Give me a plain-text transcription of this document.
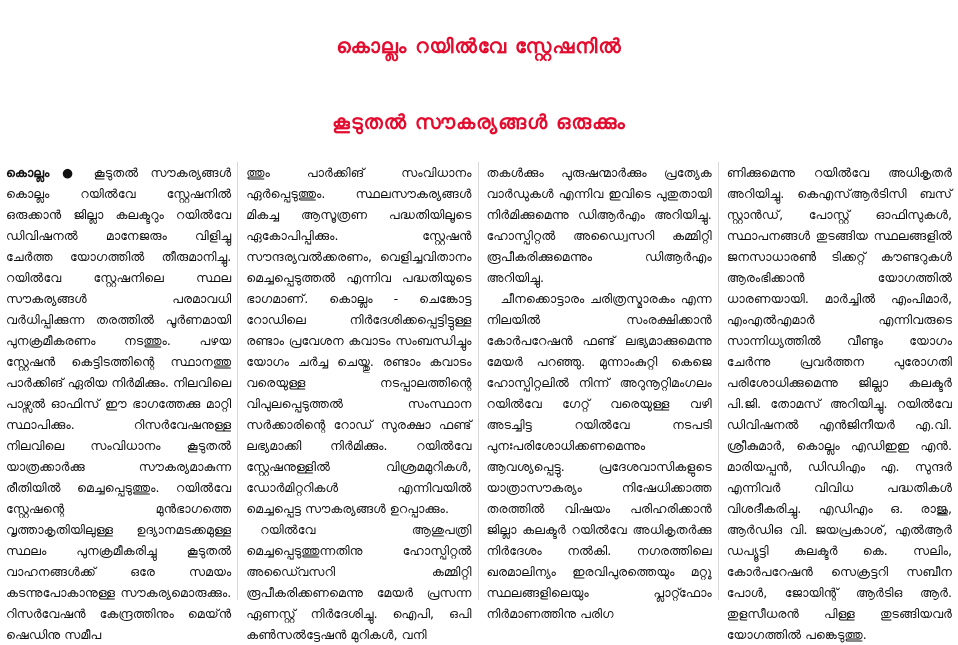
കൊല്ലം റയിൽവേ സ്റ്റേഷനിൽ
കൂടുതൽ സൗകര്യങ്ങൾ ഒരുക്കും

കൊല്ലം ● കൂടുതൽ സൗകര്യങ്ങൾ കൊല്ലം റയിൽവേ സ്റ്റേഷനിൽ ഒരുക്കാൻ ജില്ലാ കലക്ടറും റയിൽവേ ഡിവിഷനൽ മാനേജരും വിളിച്ചു ചേർത്ത യോഗത്തിൽ തീരുമാനിച്ചു. റയിൽവേ സ്റ്റേഷനിലെ സ്ഥല സൗകര്യങ്ങൾ പരമാവധി വർധിപ്പിക്കുന്ന തരത്തിൽ പൂർണമായി പുനക്രമീകരണം നടത്തും. പഴയ സ്റ്റേഷൻ കെട്ടിടത്തിന്റെ സ്ഥാനത്തു പാർക്കിങ് ഏരിയ നിർമിക്കും. നിലവിലെ പാഴ്സൽ ഓഫിസ് ഈ ഭാഗത്തേക്കു മാറ്റി സ്ഥാപിക്കും. റിസർവേഷനുള്ള നിലവിലെ സംവിധാനം കൂടുതൽ യാത്രക്കാർക്കു സൗകര്യമാകുന്ന രീതിയിൽ മെച്ചപ്പെടുത്തും. റയിൽവേ സ്റ്റേഷന്റെ മുൻഭാഗത്തെ വൃത്താകൃതിയിലുള്ള ഉദ്യാനമടക്കമുള്ള സ്ഥലം പുനക്രമീകരിച്ചു കൂടുതൽ വാഹനങ്ങൾക്ക് ഒരേ സമയം കടന്നുപോകാനുള്ള സൗകര്യമൊരുക്കും. റിസർവേഷൻ കേന്ദ്രത്തിനും മെയ്ൻ ഷെഡിനു സമീപ

ത്തും പാർക്കിങ് സംവിധാനം ഏർപ്പെടുത്തും. സ്ഥലസൗകര്യങ്ങൾ മികച്ച ആസൂത്രണ പദ്ധതിയിലൂടെ ഏകോപിപ്പിക്കും. സ്റ്റേഷൻ സൗന്ദര്യവൽക്കരണം, വെളിച്ചവിതാനം മെച്ചപ്പെടുത്തൽ എന്നിവ പദ്ധതിയുടെ ഭാഗമാണ്. കൊല്ലം - ചെങ്കോട്ട റോഡിലെ നിർദേശിക്കപ്പെട്ടിട്ടുള്ള രണ്ടാം പ്രവേശന കവാടം സംബന്ധിച്ചും യോഗം ചർച്ച ചെയ്തു. രണ്ടാം കവാടം വരെയുള്ള നടപ്പാലത്തിന്റെ വിപുലപ്പെടുത്തൽ സംസ്ഥാന സർക്കാരിന്റെ റോഡ് സുരക്ഷാ ഫണ്ട് ലഭ്യമാക്കി നിർമിക്കും. റയിൽവേ സ്റ്റേഷനുള്ളിൽ വിശ്രമമുറികൾ, ഡോർമിറ്ററികൾ എന്നിവയിൽ മെച്ചപ്പെട്ട സൗകര്യങ്ങൾ ഉറപ്പാക്കും.

റയിൽവേ ആശുപത്രി മെച്ചപ്പെടുത്തുന്നതിനു ഹോസ്പിറ്റൽ അഡൈ്വസറി കമ്മിറ്റി രൂപീകരിക്കണമെന്നു മേയർ പ്രസന്ന ഏണസ്റ്റ് നിർദേശിച്ചു. ഐപി, ഒപി കൺസൽട്ടേഷൻ മുറികൾ, വനി

തകൾക്കും പുരുഷന്മാർക്കും പ്രത്യേക വാർഡുകൾ എന്നിവ ഇവിടെ പുതുതായി നിർമിക്കുമെന്നു ഡിആർഎം അറിയിച്ചു. ഹോസ്പിറ്റൽ അഡ്വൈസറി കമ്മിറ്റി രൂപീകരിക്കുമെന്നും ഡിആർഎം അറിയിച്ചു.

ചീനക്കൊട്ടാരം ചരിത്രസ്മാരകം എന്ന നിലയിൽ സംരക്ഷിക്കാൻ കോർപറേഷൻ ഫണ്ട് ലഭ്യമാക്കുമെന്നു മേയർ പറഞ്ഞു. മുന്നാംകുറ്റി കെജെ ഹോസ്പിറ്റലിൽ നിന്ന് അറുനൂറ്റിമംഗലം റയിൽവേ ഗേറ്റ് വരെയുള്ള വഴി അടച്ചിട്ട റയിൽവേ നടപടി പുനഃപരിശോധിക്കണമെന്നും ആവശ്യപ്പെട്ടു. പ്രദേശവാസികളുടെ യാത്രാസൗകര്യം നിഷേധിക്കാത്ത തരത്തിൽ വിഷയം പരിഹരിക്കാൻ ജില്ലാ കലക്ടർ റയിൽവേ അധികൃതർക്കു നിർദേശം നൽകി. നഗരത്തിലെ ഖരമാലിന്യം ഇരവിപുരത്തെയും മറ്റു സ്ഥലങ്ങളിലെയും പ്ലാറ്റ്ഫോം നിർമാണത്തിനു പരിഗ

ണിക്കുമെന്നു റയിൽവേ അധികൃതർ അറിയിച്ചു. കെഎസ്ആർടിസി ബസ് സ്റ്റാൻഡ്, പോസ്റ്റ് ഓഫിസുകൾ, സ്ഥാപനങ്ങൾ തുടങ്ങിയ സ്ഥലങ്ങളിൽ ജനസാധാരൺ ടിക്കറ്റ് കൗണ്ടറുകൾ ആരംഭിക്കാൻ യോഗത്തിൽ ധാരണയായി. മാർച്ചിൽ എംപിമാർ, എംഎൽഎമാർ എന്നിവരുടെ സാന്നിധ്യത്തിൽ വീണ്ടും യോഗം ചേർന്നു പ്രവർത്തന പുരോഗതി പരിശോധിക്കുമെന്നു ജില്ലാ കലക്ടർ പി.ജി. തോമസ് അറിയിച്ചു. റയിൽവേ ഡിവിഷനൽ എൻജിനീയർ എ.വി. ശ്രീകുമാർ, കൊല്ലം എഡിഇഇ എൻ. മാരിയപ്പൻ, ഡിഡിഎം എ. സുന്ദർ എന്നിവർ വിവിധ പദ്ധതികൾ വിശദീകരിച്ചു. എഡിഎം ഒ. രാജു, ആർഡിഒ വി. ജയപ്രകാശ്, എൽആർ ഡപ്യൂട്ടി കലക്ടർ കെ. സലിം, കോർപറേഷൻ സെക്രട്ടറി സബീന പോൾ, ജോയിന്റ് ആർടിഒ ആർ. തുളസീധരൻ പിള്ള തുടങ്ങിയവർ യോഗത്തിൽ പങ്കെടുത്തു.
